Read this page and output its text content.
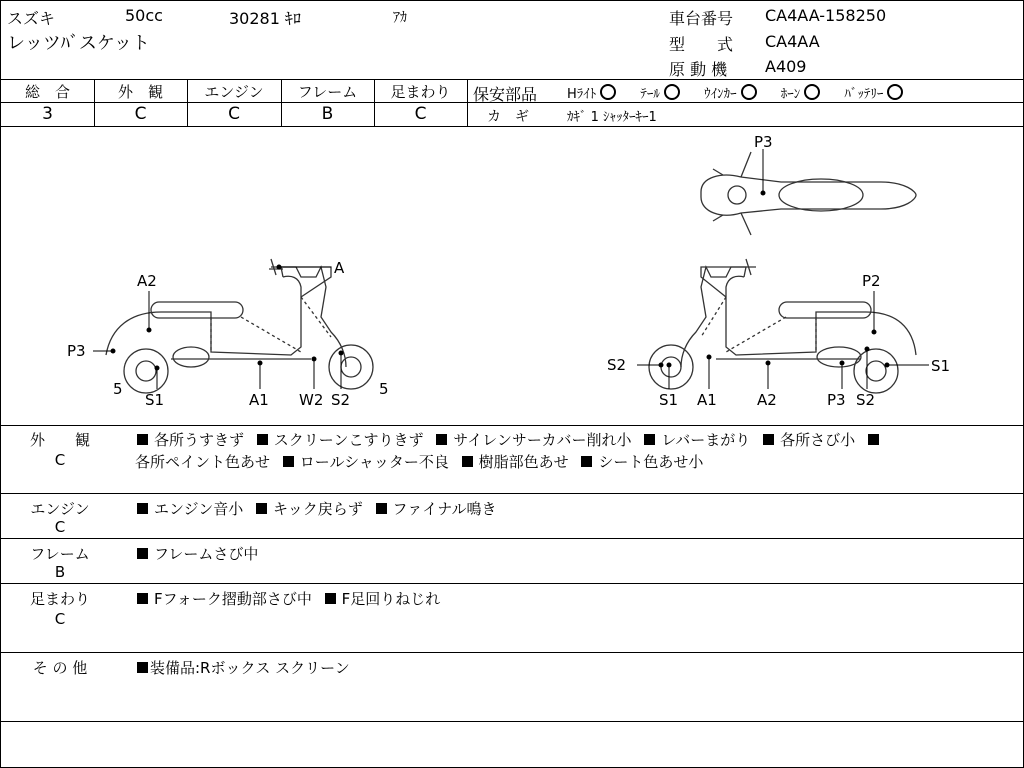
スズキ	50cc	30281 ｷﾛ	ｱｶ
レッツﾊﾞスケット
車台番号 CA4AA-158250
型　　式 CA4AA
原 動 機 A409
総　合	外　観	エンジン	フレーム	足まわり
3	C	C	B	C
保安部品 Hﾗｲﾄ	ﾃｰﾙ	ｳｲﾝｶｰ	ﾎｰﾝ	ﾊﾞｯﾃﾘｰ
カ　ギ	ｶｷﾞ 1 ｼｬｯﾀｰｷｰ1
A2
A
P3
5
S1	A1 W2 S2
5
P2
S2	S1
S1 A1	A2	P3 S2
P3
外　　観
C
各所うすきず スクリーンこすりきず サイレンサーカバー削れ小 レバーまがり 各所さび小
各所ペイント色あせ ロールシャッター不良 樹脂部色あせ シート色あせ小
エンジン
C
エンジン音小 キック戻らず ファイナル鳴き
フレーム
B
フレームさび中
足まわり
C
Fフォーク摺動部さび中 F足回りねじれ
そ の 他	装備品:Rボックス スクリーン
